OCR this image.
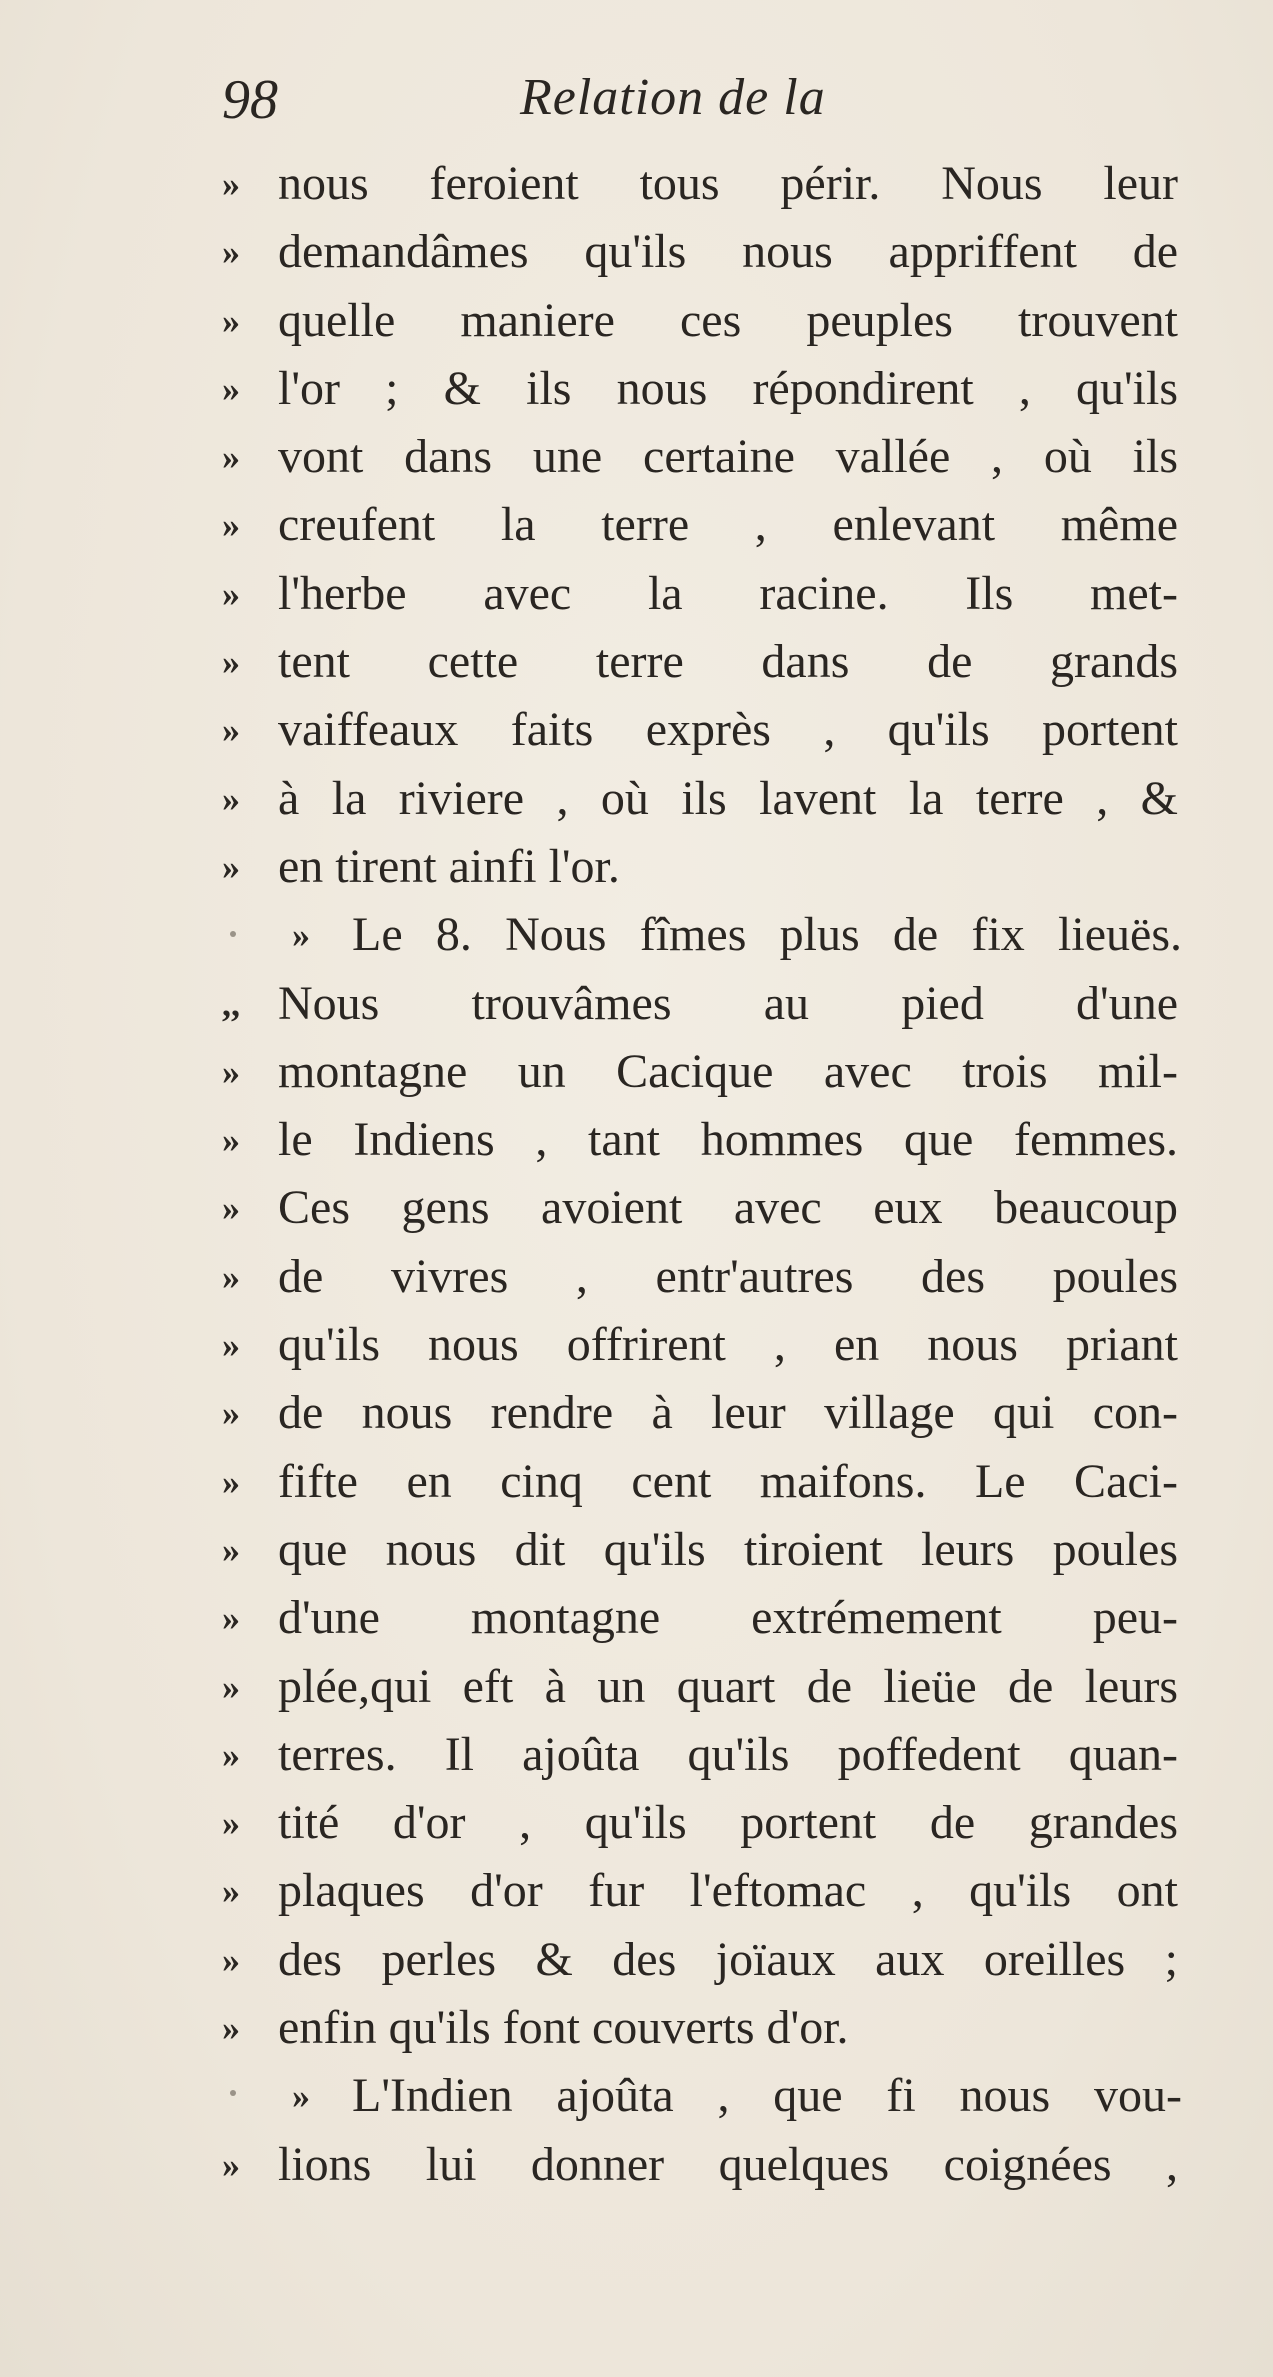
98	Relation de la
» nous feroient tous périr. Nous leur
» demandâmes qu'ils nous appriffent de
» quelle maniere ces peuples trouvent
» l'or ; & ils nous répondirent , qu'ils
» vont dans une certaine vallée , où ils
» creufent la terre , enlevant même
» l'herbe avec la racine. Ils met-
» tent cette terre dans de grands
» vaiffeaux faits exprès , qu'ils portent
» à la riviere , où ils lavent la terre , &
» en tirent ainfi l'or.
» Le 8. Nous fîmes plus de fix lieuës.
,, Nous trouvâmes au pied d'une
» montagne un Cacique avec trois mil-
» le Indiens , tant hommes que femmes.
» Ces gens avoient avec eux beaucoup
» de vivres , entr'autres des poules
» qu'ils nous offrirent , en nous priant
» de nous rendre à leur village qui con-
» fifte en cinq cent maifons. Le Caci-
» que nous dit qu'ils tiroient leurs poules
» d'une montagne extrémement peu-
» plée,qui eft à un quart de lieüe de leurs
» terres. Il ajoûta qu'ils poffedent quan-
» tité d'or , qu'ils portent de grandes
» plaques d'or fur l'eftomac , qu'ils ont
» des perles & des joïaux aux oreilles ;
» enfin qu'ils font couverts d'or.
» L'Indien ajoûta , que fi nous vou-
» lions lui donner quelques coignées ,
